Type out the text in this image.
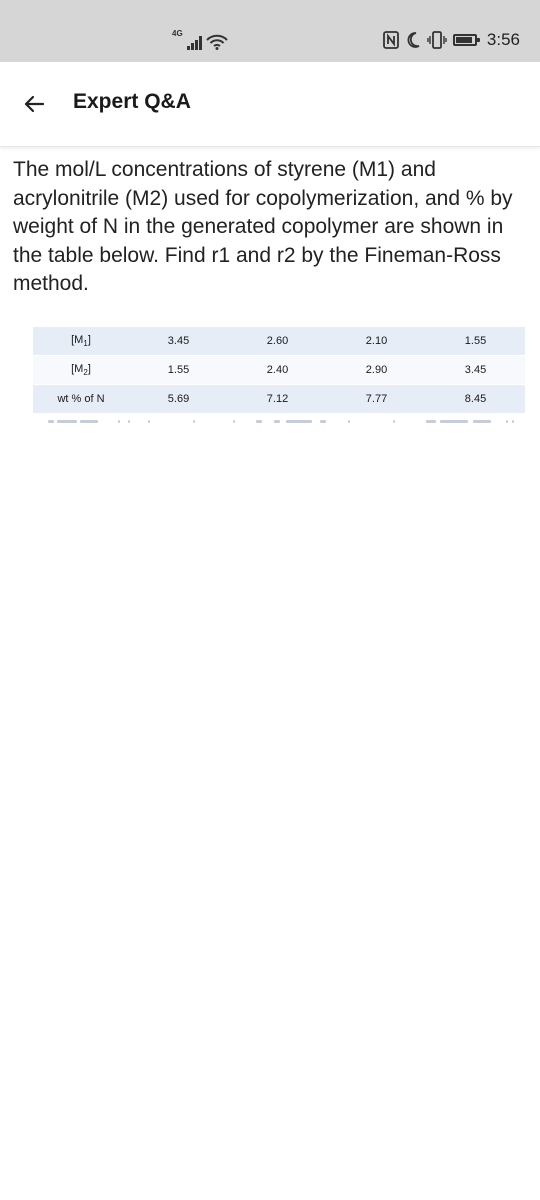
4G	3:56
Expert Q&A

The mol/L concentrations of styrene (M1) and acrylonitrile (M2) used for copolymerization, and % by weight of N in the generated copolymer are shown in the table below. Find r1 and r2 by the Fineman-Ross method.

$[M_1]$	3.45	2.60	2.10	1.55
$[M_2]$	1.55	2.40	2.90	3.45
wt % of N	5.69	7.12	7.77	8.45
